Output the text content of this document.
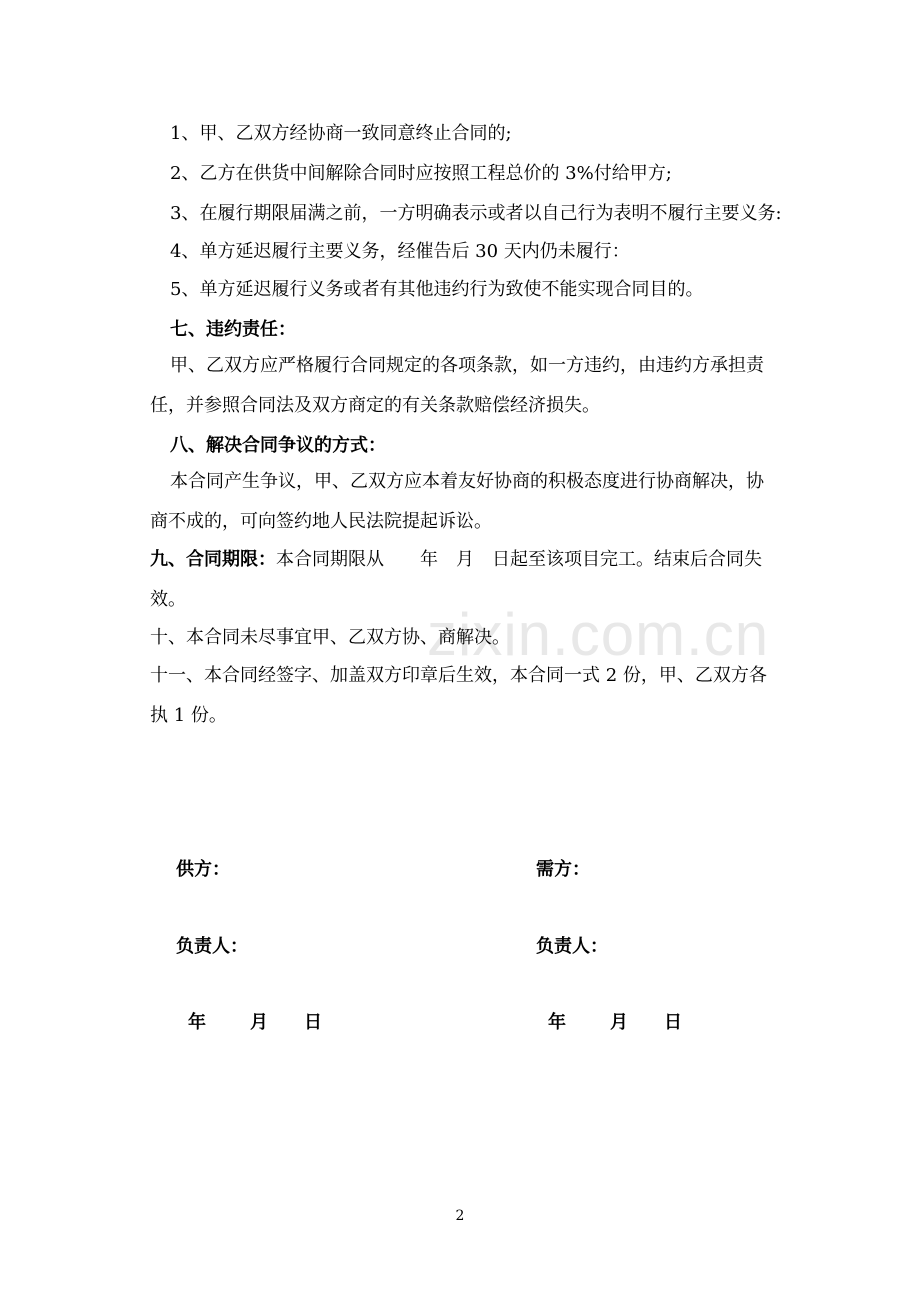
zixin.com.cn
1、甲、乙双方经协商一致同意终止合同的;
2、乙方在供货中间解除合同时应按照工程总价的 3%付给甲方;
3、在履行期限届满之前，一方明确表示或者以自己行为表明不履行主要义务:
4、单方延迟履行主要义务，经催告后 30 天内仍未履行：
5、单方延迟履行义务或者有其他违约行为致使不能实现合同目的。
七、违约责任：
甲、乙双方应严格履行合同规定的各项条款，如一方违约，由违约方承担责
任，并参照合同法及双方商定的有关条款赔偿经济损失。
八、解决合同争议的方式：
本合同产生争议，甲、乙双方应本着友好协商的积极态度进行协商解决，协
商不成的，可向签约地人民法院提起诉讼。
九、合同期限：本合同期限从　　年　月　日起至该项目完工。结束后合同失
效。
十、本合同未尽事宜甲、乙双方协、商解决。
十一、本合同经签字、加盖双方印章后生效，本合同一式 2 份，甲、乙双方各
执 1 份。
供方：	需方：
负责人：	负责人：
年 月 日	年 月 日
2
